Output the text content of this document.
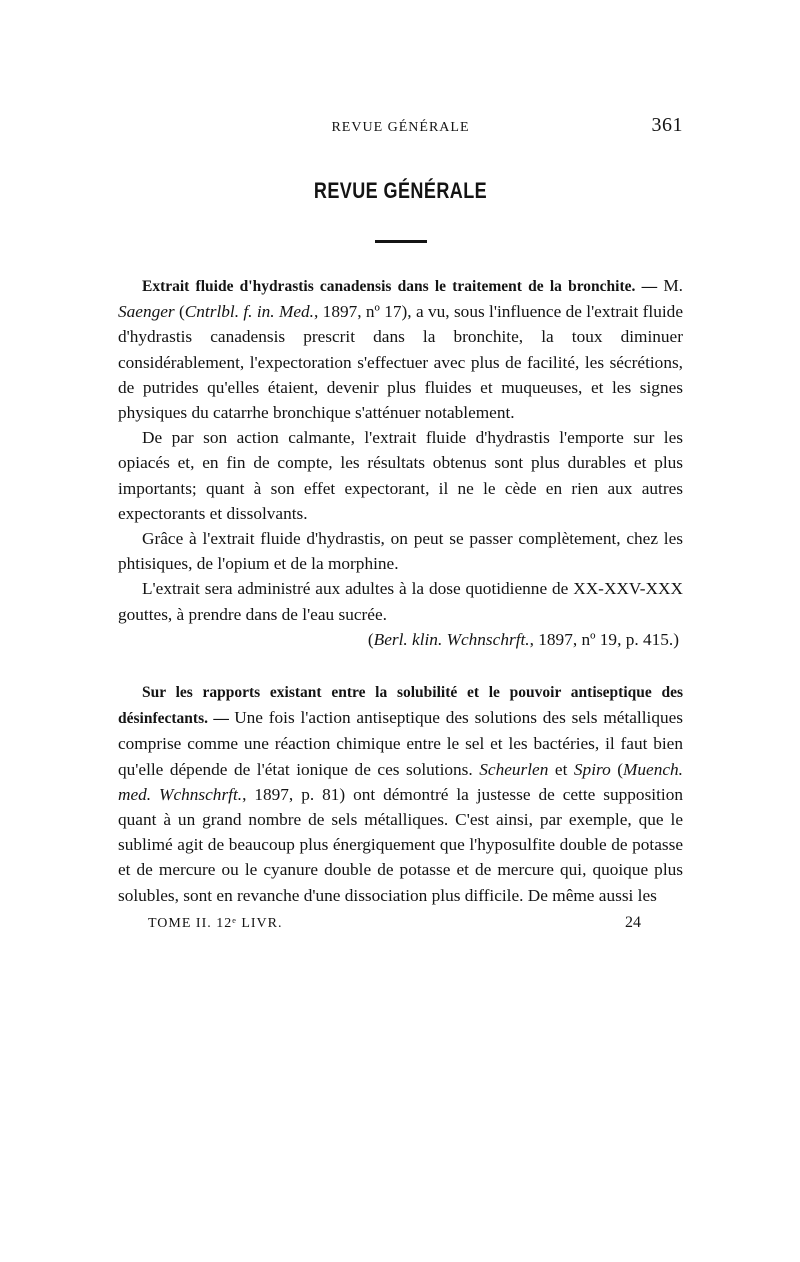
REVUE GÉNÉRALE	361
REVUE GÉNÉRALE

Extrait fluide d'hydrastis canadensis dans le traitement de la bronchite. — M. Saenger (Cntrlbl. f. in. Med., 1897, nº 17), a vu, sous l'influence de l'extrait fluide d'hydrastis canadensis prescrit dans la bronchite, la toux diminuer considérablement, l'expectoration s'effectuer avec plus de facilité, les sécrétions, de putrides qu'elles étaient, devenir plus fluides et muqueuses, et les signes physiques du catarrhe bronchique s'atténuer notablement.

De par son action calmante, l'extrait fluide d'hydrastis l'emporte sur les opiacés et, en fin de compte, les résultats obtenus sont plus durables et plus importants; quant à son effet expectorant, il ne le cède en rien aux autres expectorants et dissolvants.

Grâce à l'extrait fluide d'hydrastis, on peut se passer complètement, chez les phtisiques, de l'opium et de la morphine.

L'extrait sera administré aux adultes à la dose quotidienne de XX-XXV-XXX gouttes, à prendre dans de l'eau sucrée.

(Berl. klin. Wchnschrft., 1897, nº 19, p. 415.)

Sur les rapports existant entre la solubilité et le pouvoir antiseptique des désinfectants. — Une fois l'action antiseptique des solutions des sels métalliques comprise comme une réaction chimique entre le sel et les bactéries, il faut bien qu'elle dépende de l'état ionique de ces solutions. Scheurlen et Spiro (Muench. med. Wchnschrft., 1897, p. 81) ont démontré la justesse de cette supposition quant à un grand nombre de sels métalliques. C'est ainsi, par exemple, que le sublimé agit de beaucoup plus énergiquement que l'hyposulfite double de potasse et de mercure ou le cyanure double de potasse et de mercure qui, quoique plus solubles, sont en revanche d'une dissociation plus difficile. De même aussi les

TOME II. 12ᵉ LIVR.	24
